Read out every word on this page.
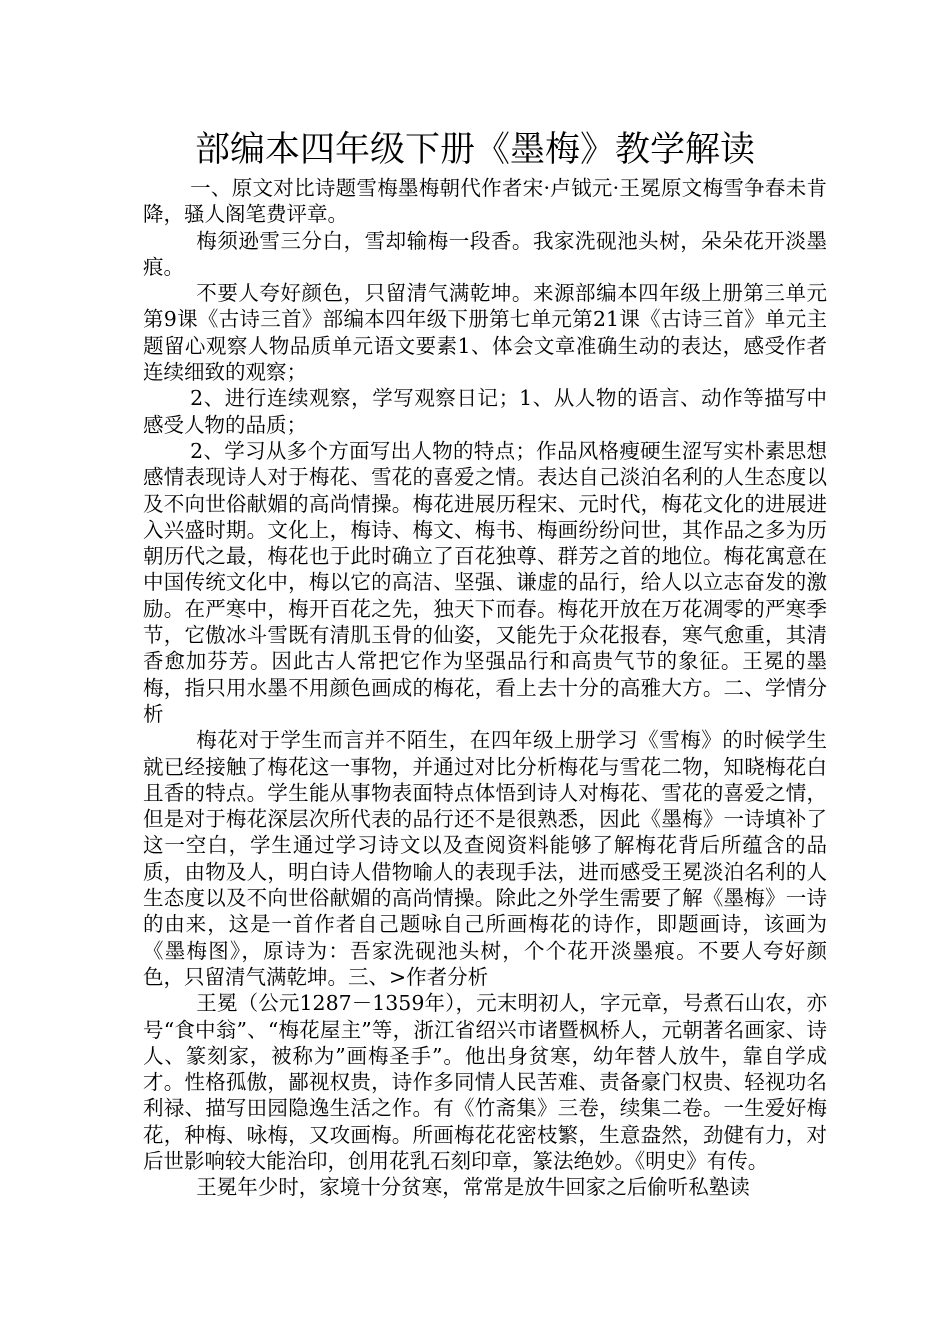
部编本四年级下册《墨梅》教学解读

一、原文对比诗题雪梅墨梅朝代作者宋·卢钺元·王冕原文梅雪争春未肯降，骚人阁笔费评章。

梅须逊雪三分白，雪却输梅一段香。我家洗砚池头树，朵朵花开淡墨痕。

不要人夸好颜色，只留清气满乾坤。来源部编本四年级上册第三单元第9课《古诗三首》部编本四年级下册第七单元第21课《古诗三首》单元主题留心观察人物品质单元语文要素1、体会文章准确生动的表达，感受作者连续细致的观察；

2、进行连续观察，学写观察日记；1、从人物的语言、动作等描写中感受人物的品质；

2、学习从多个方面写出人物的特点；作品风格瘦硬生涩写实朴素思想感情表现诗人对于梅花、雪花的喜爱之情。表达自己淡泊名利的人生态度以及不向世俗献媚的高尚情操。梅花进展历程宋、元时代，梅花文化的进展进入兴盛时期。文化上，梅诗、梅文、梅书、梅画纷纷问世，其作品之多为历朝历代之最，梅花也于此时确立了百花独尊、群芳之首的地位。梅花寓意在中国传统文化中，梅以它的高洁、坚强、谦虚的品行，给人以立志奋发的激励。在严寒中，梅开百花之先，独天下而春。梅花开放在万花凋零的严寒季节，它傲冰斗雪既有清肌玉骨的仙姿，又能先于众花报春，寒气愈重，其清香愈加芬芳。因此古人常把它作为坚强品行和高贵气节的象征。王冕的墨梅，指只用水墨不用颜色画成的梅花，看上去十分的高雅大方。二、学情分析

梅花对于学生而言并不陌生，在四年级上册学习《雪梅》的时候学生就已经接触了梅花这一事物，并通过对比分析梅花与雪花二物，知晓梅花白且香的特点。学生能从事物表面特点体悟到诗人对梅花、雪花的喜爱之情，但是对于梅花深层次所代表的品行还不是很熟悉，因此《墨梅》一诗填补了这一空白，学生通过学习诗文以及查阅资料能够了解梅花背后所蕴含的品质，由物及人，明白诗人借物喻人的表现手法，进而感受王冕淡泊名利的人生态度以及不向世俗献媚的高尚情操。除此之外学生需要了解《墨梅》一诗的由来，这是一首作者自己题咏自己所画梅花的诗作，即题画诗，该画为《墨梅图》，原诗为：吾家洗砚池头树，个个花开淡墨痕。不要人夸好颜色，只留清气满乾坤。三、>作者分析

王冕（公元1287－1359年），元末明初人，字元章，号煮石山农，亦号“食中翁”、“梅花屋主”等，浙江省绍兴市诸暨枫桥人，元朝著名画家、诗人、篆刻家，被称为”画梅圣手”。他出身贫寒，幼年替人放牛，靠自学成才。性格孤傲，鄙视权贵，诗作多同情人民苦难、责备豪门权贵、轻视功名利禄、描写田园隐逸生活之作。有《竹斋集》三卷，续集二卷。一生爱好梅花，种梅、咏梅，又攻画梅。所画梅花花密枝繁，生意盎然，劲健有力，对后世影响较大能治印，创用花乳石刻印章，篆法绝妙。《明史》有传。

王冕年少时，家境十分贫寒，常常是放牛回家之后偷听私塾读
